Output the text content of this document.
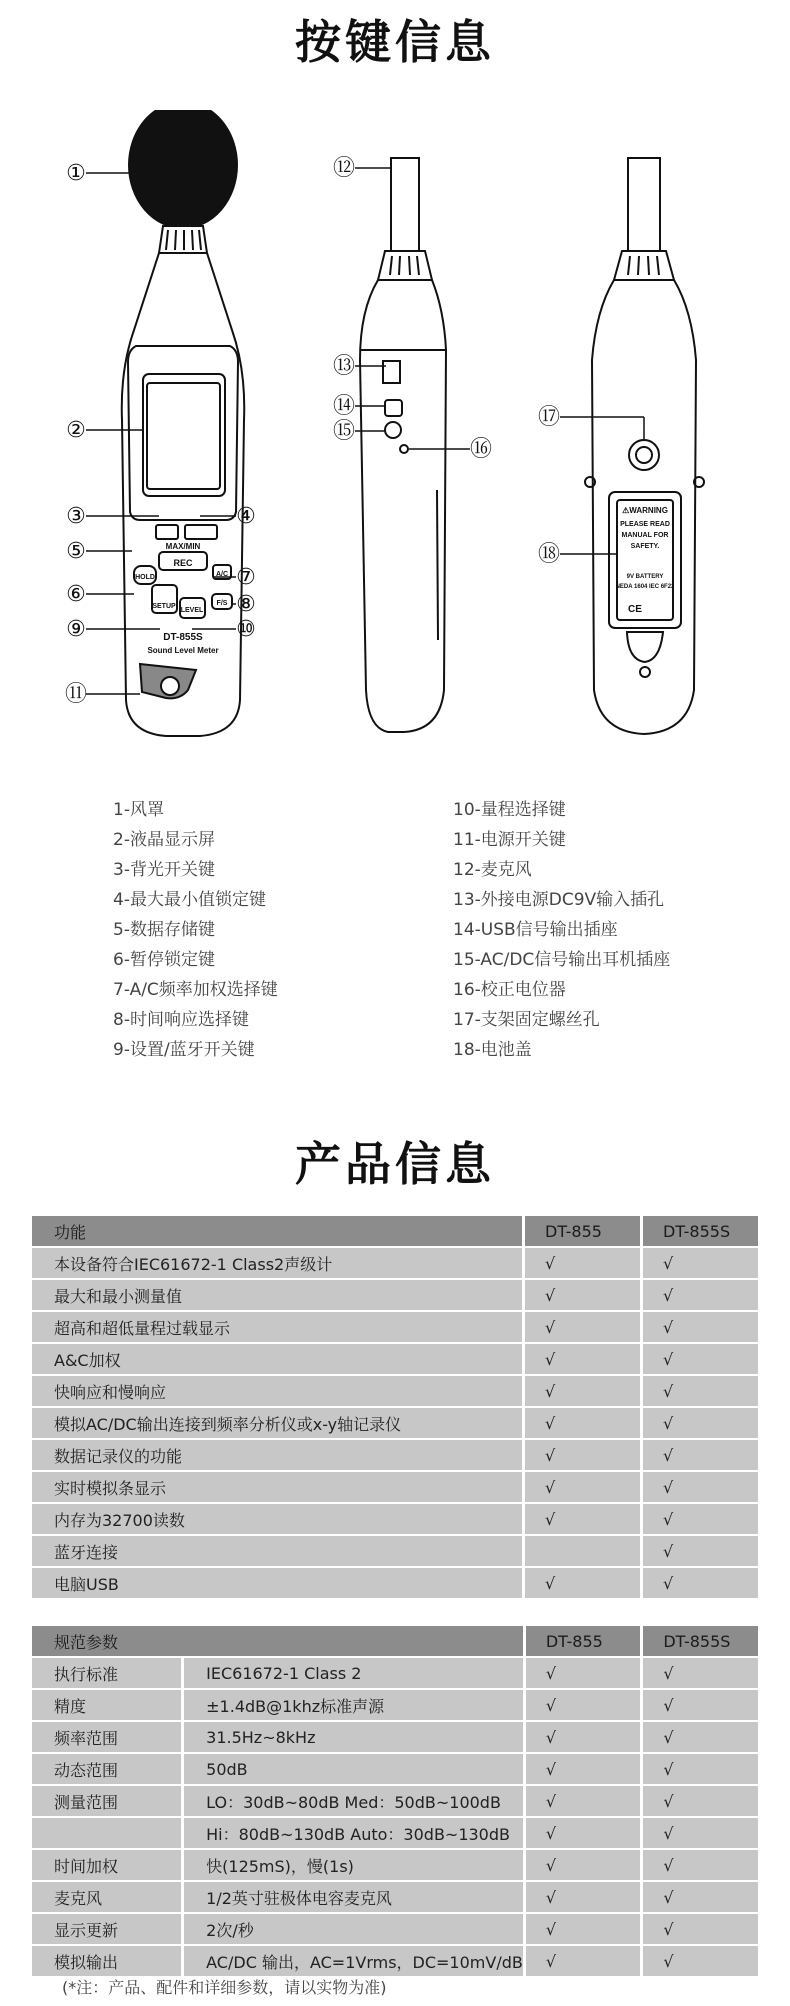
按键信息
MAX/MIN
REC
HOLD	A/C
SETUP
LEVEL
F/S
DT-855S
Sound Level Meter
⚠WARNING
PLEASE READ
MANUAL FOR
SAFETY.
9V BATTERY
NEDA 1604 IEC 6F22
CE
①
②
③	④
⑤
⑥
⑦
⑧
⑨	⑩
⑪
⑫
⑬
⑭
⑮
⑯
⑰
⑱
1-风罩
2-液晶显示屏
3-背光开关键
4-最大最小值锁定键
5-数据存储键
6-暂停锁定键
7-A/C频率加权选择键
8-时间响应选择键
9-设置/蓝牙开关键
10-量程选择键
11-电源开关键
12-麦克风
13-外接电源DC9V输入插孔
14-USB信号输出插座
15-AC/DC信号输出耳机插座
16-校正电位器
17-支架固定螺丝孔
18-电池盖
产品信息
功能	DT-855	DT-855S
本设备符合IEC61672-1 Class2声级计	√	√
最大和最小测量值	√	√
超高和超低量程过载显示	√	√
A&C加权	√	√
快响应和慢响应	√	√
模拟AC/DC输出连接到频率分析仪或x-y轴记录仪	√	√
数据记录仪的功能	√	√
实时模拟条显示	√	√
内存为32700读数	√	√
蓝牙连接		√
电脑USB	√	√
规范参数		DT-855	DT-855S
执行标准	IEC61672-1 Class 2	√	√
精度	±1.4dB@1khz标准声源	√	√
频率范围	31.5Hz~8kHz	√	√
动态范围	50dB	√	√
测量范围	LO：30dB~80dB Med：50dB~100dB	√	√
	Hi：80dB~130dB Auto：30dB~130dB	√	√
时间加权	快(125mS)，慢(1s)	√	√
麦克风	1/2英寸驻极体电容麦克风	√	√
显示更新	2次/秒	√	√
模拟输出	AC/DC 输出，AC=1Vrms，DC=10mV/dB	√	√
(*注：产品、配件和详细参数，请以实物为准)
